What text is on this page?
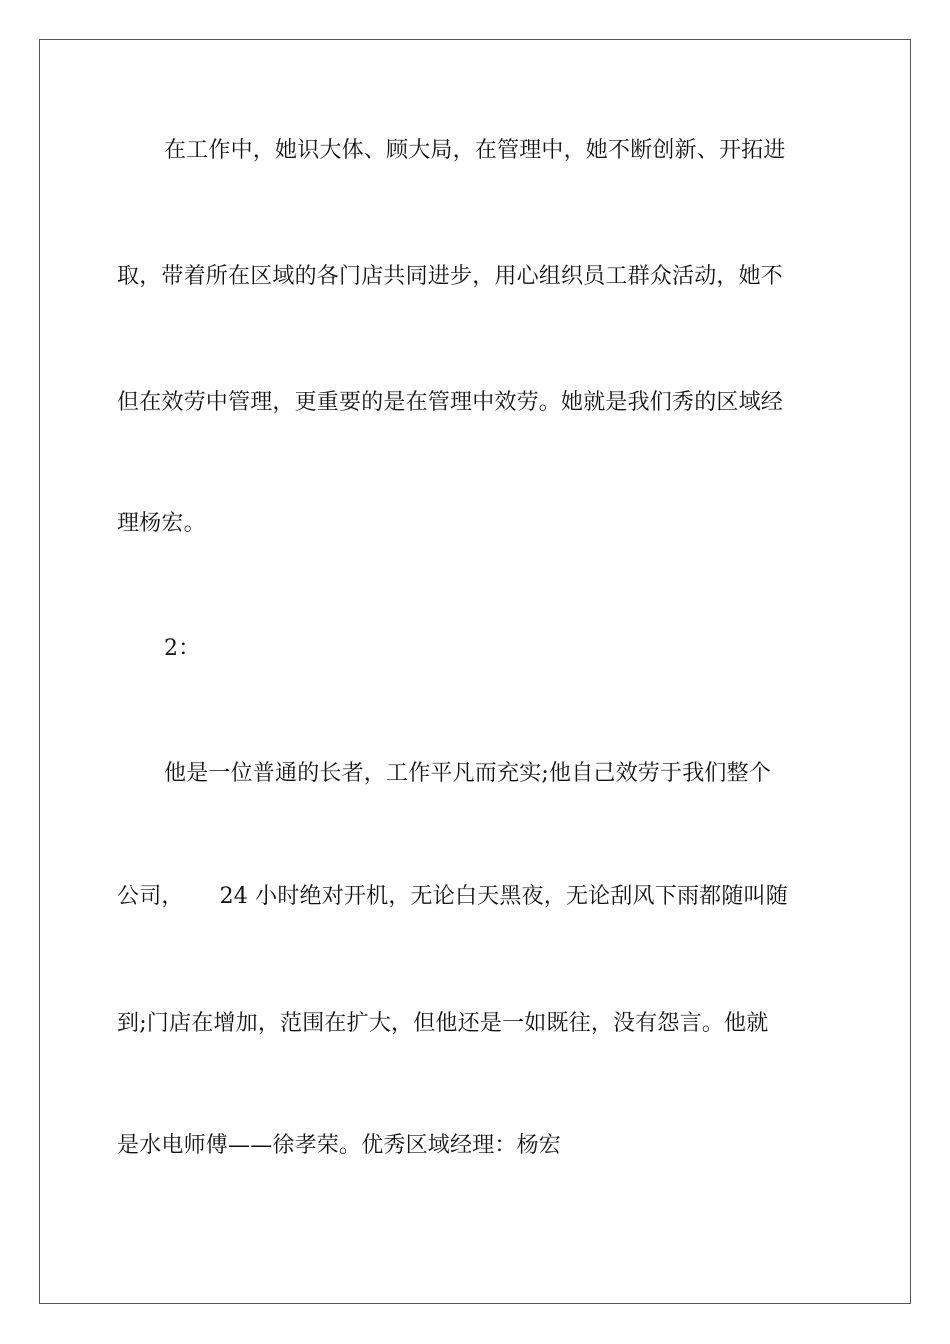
在工作中，她识大体、顾大局，在管理中，她不断创新、开拓进
取，带着所在区域的各门店共同进步，用心组织员工群众活动，她不
但在效劳中管理，更重要的是在管理中效劳。她就是我们秀的区域经
理杨宏。
2：
他是一位普通的长者，工作平凡而充实;他自己效劳于我们整个
公司，     24 小时绝对开机，无论白天黑夜，无论刮风下雨都随叫随
到;门店在增加，范围在扩大，但他还是一如既往，没有怨言。他就
是水电师傅——徐孝荣。优秀区域经理：杨宏
